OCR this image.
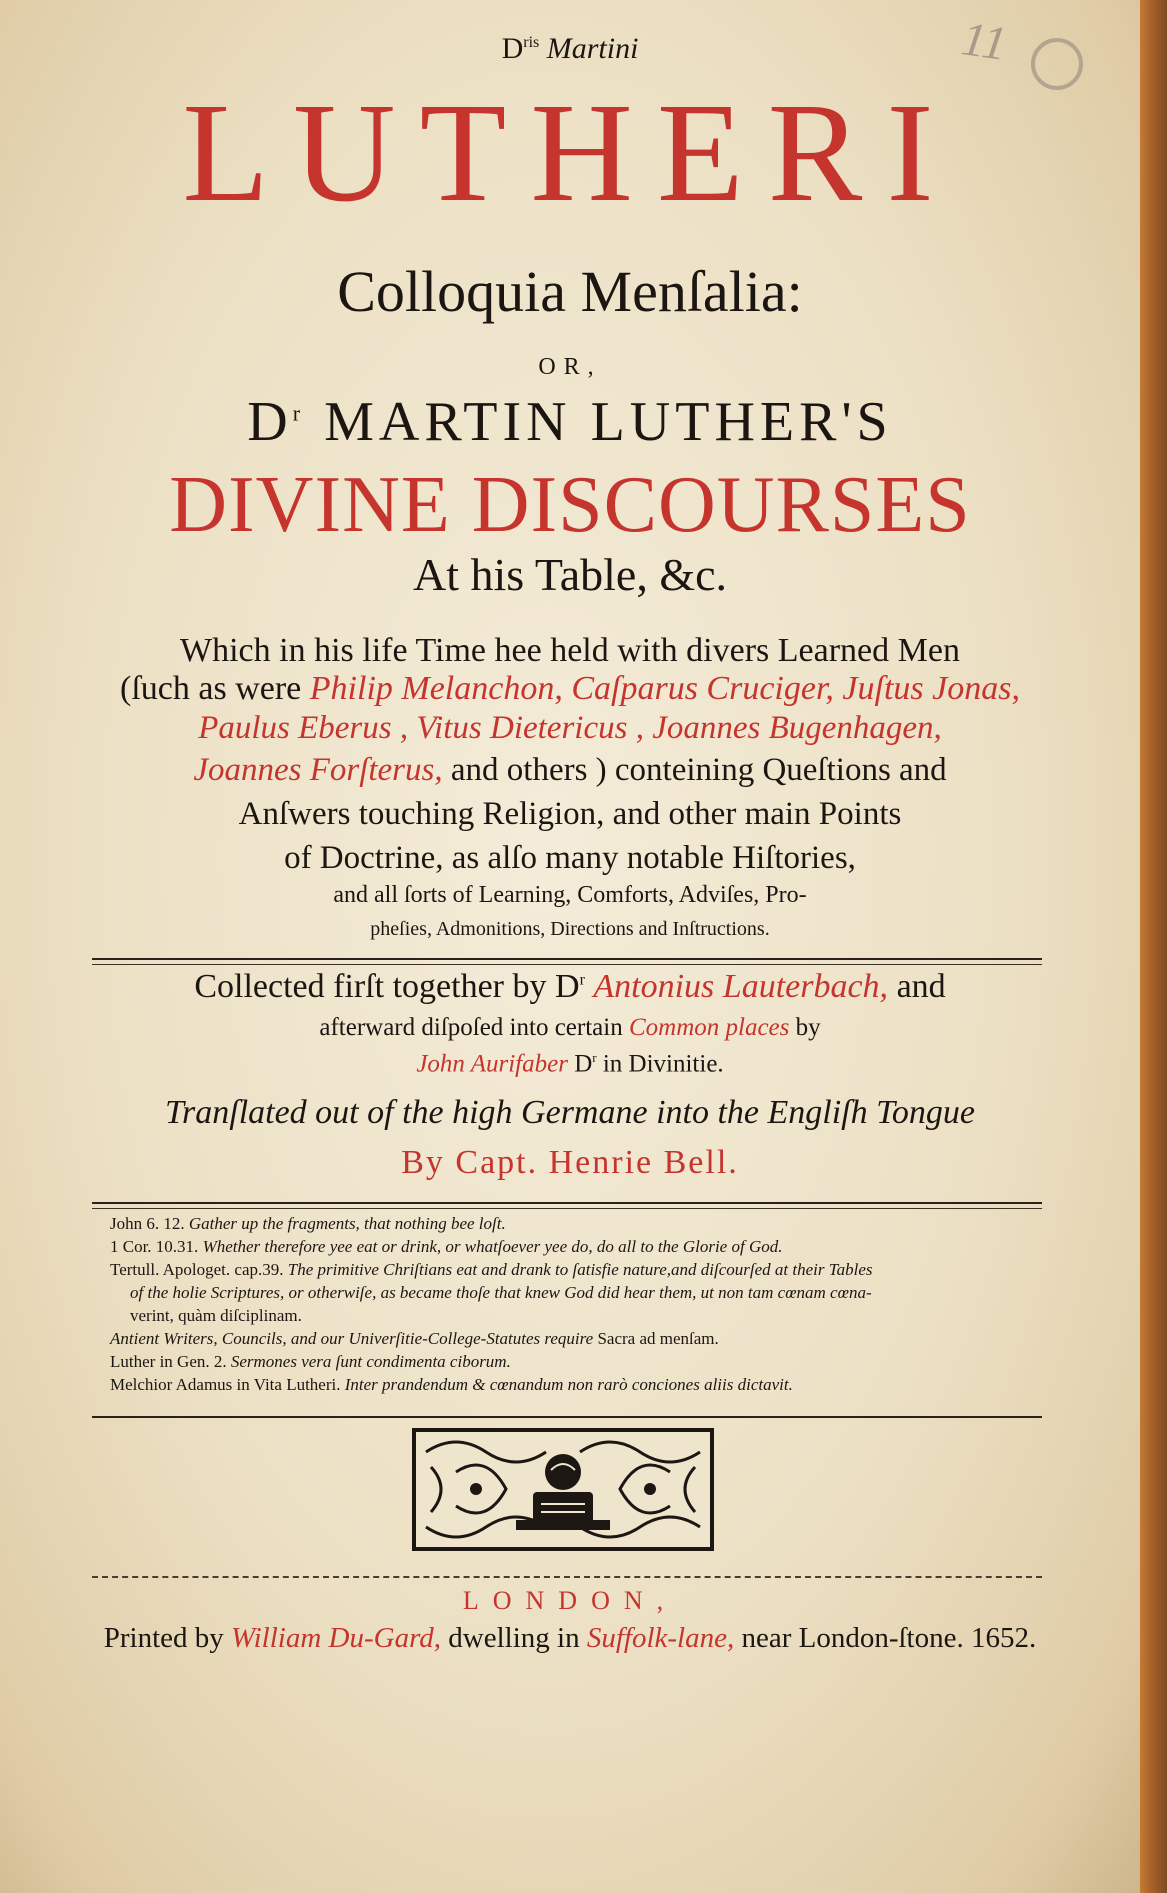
11
$D^{ris}$ Martini
LUTHERI
Colloquia Menſalia:
OR,
$D^r$ MARTIN LUTHER'S
DIVINE DISCOURSES
At his Table, &c.
Which in his life Time hee held with divers Learned Men
(ſuch as were Philip Melanchon, Caſparus Cruciger, Juſtus Jonas,
Paulus Eberus , Vitus Dietericus , Joannes Bugenhagen,
Joannes Forſterus, and others ) conteining Queſtions and
Anſwers touching Religion, and other main Points
of Doctrine, as alſo many notable Hiſtories,
and all ſorts of Learning, Comforts, Adviſes, Pro-
pheſies, Admonitions, Directions and Inſtructions.
Collected firſt together by $D^r$ Antonius Lauterbach, and
afterward diſpoſed into certain Common places by
John Aurifaber $D^r$ in Divinitie.
Tranſlated out of the high Germane into the Engliſh Tongue
By Capt. Henrie Bell.
John 6. 12. Gather up the fragments, that nothing bee loſt.
1 Cor. 10.31. Whether therefore yee eat or drink, or whatſoever yee do, do all to the Glorie of God.
Tertull. Apologet. cap.39. The primitive Chriſtians eat and drank to ſatisfie nature,and diſcourſed at their Tables
of the holie Scriptures, or otherwiſe, as became thoſe that knew God did hear them, ut non tam cœnam cœna-
verint, quàm diſciplinam.
Antient Writers, Councils, and our Univerſitie-College-Statutes require Sacra ad menſam.
Luther in Gen. 2. Sermones vera ſunt condimenta ciborum.
Melchior Adamus in Vita Lutheri. Inter prandendum & cœnandum non rarò conciones aliis dictavit.
LONDON,
Printed by William Du-Gard, dwelling in Suffolk-lane, near London-ſtone. 1652.
